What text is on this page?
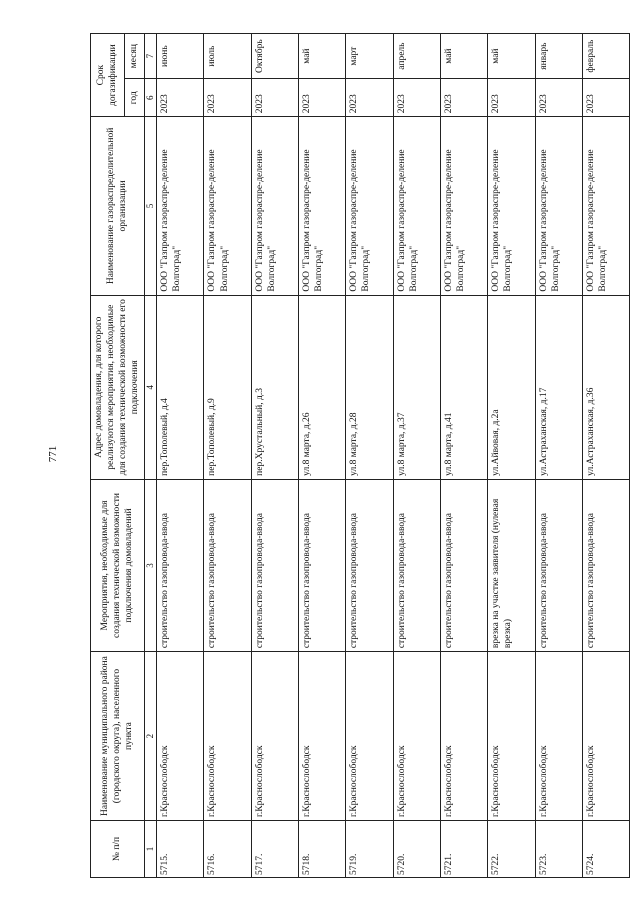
771
№ п/п	Наименование муниципального района (городского округа), населенного пункта	Мероприятия, необходимые для создания технической возможности подключения домовладений	Адрес домовладения, для которого реализуются мероприятия, необходимые для создания технической возможности его подключения	Наименование газораспределительной организации	Срок догазификации	
					год	месяц
1	2	3	4	5	6	7
5715.	г.Краснослободск	строительство газопровода-ввода	пер.Тополевый, д.4	ООО "Газпром газораспре-деление Волгоград"	2023	июнь
5716.	г.Краснослободск	строительство газопровода-ввода	пер.Тополевый, д.9	ООО "Газпром газораспре-деление Волгоград"	2023	июль
5717.	г.Краснослободск	строительство газопровода-ввода	пер.Хрустальный, д.3	ООО "Газпром газораспре-деление Волгоград"	2023	Октябрь
5718.	г.Краснослободск	строительство газопровода-ввода	ул.8 марта, д.26	ООО "Газпром газораспре-деление Волгоград"	2023	май
5719.	г.Краснослободск	строительство газопровода-ввода	ул.8 марта, д.28	ООО "Газпром газораспре-деление Волгоград"	2023	март
5720.	г.Краснослободск	строительство газопровода-ввода	ул.8 марта, д.37	ООО "Газпром газораспре-деление Волгоград"	2023	апрель
5721.	г.Краснослободск	строительство газопровода-ввода	ул.8 марта, д.41	ООО "Газпром газораспре-деление Волгоград"	2023	май
5722.	г.Краснослободск	врезка на участке заявителя (нулевая врезка)	ул.Айвовая, д.2а	ООО "Газпром газораспре-деление Волгоград"	2023	май
5723.	г.Краснослободск	строительство газопровода-ввода	ул.Астраханская, д.17	ООО "Газпром газораспре-деление Волгоград"	2023	январь
5724.	г.Краснослободск	строительство газопровода-ввода	ул.Астраханская, д.36	ООО "Газпром газораспре-деление Волгоград"	2023	февраль
